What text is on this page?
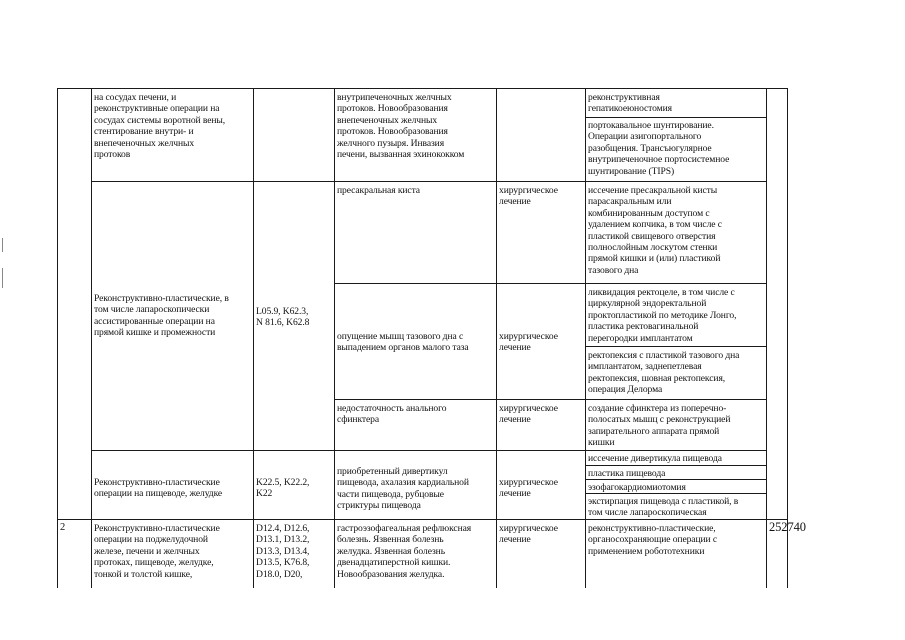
на сосудах печени, и
реконструктивные операции на
сосудах системы воротной вены,
стентирование внутри- и
внепеченочных желчных
протоков
внутрипеченочных желчных
протоков. Новообразования
внепеченочных желчных
протоков. Новообразования
желчного пузыря. Инвазия
печени, вызванная эхинококком
реконструктивная
гепатикоеюностомия
портокавальное шунтирование.
Операции азигопортального
разобщения. Трансъюгулярное
внутрипеченочное портосистемное
шунтирование (TIPS)
Реконструктивно-пластические, в
том числе лапароскопически
ассистированные операции на
прямой кишке и промежности
L05.9, K62.3,
N 81.6, K62.8
пресакральная киста	хирургическое
лечение
иссечение пресакральной кисты
парасакральным или
комбинированным доступом с
удалением копчика, в том числе с
пластикой свищевого отверстия
полнослойным лоскутом стенки
прямой кишки и (или) пластикой
тазового дна
опущение мышц тазового дна с
выпадением органов малого таза
хирургическое
лечение
ликвидация ректоцеле, в том числе с
циркулярной эндоректальной
проктопластикой по методике Лонго,
пластика ректовагинальной
перегородки имплантатом
ректопексия с пластикой тазового дна
имплантатом, заднепетлевая
ректопексия, шовная ректопексия,
операция Делорма
недостаточность анального
сфинктера
хирургическое
лечение
создание сфинктера из поперечно-
полосатых мышц с реконструкцией
запирательного аппарата прямой
кишки
Реконструктивно-пластические
операции на пищеводе, желудке
K22.5, K22.2,
K22
приобретенный дивертикул
пищевода, ахалазия кардиальной
части пищевода, рубцовые
стриктуры пищевода
хирургическое
лечение
иссечение дивертикула пищевода
пластика пищевода
эзофагокардиомиотомия
экстирпация пищевода с пластикой, в
том числе лапароскопическая
2	Реконструктивно-пластические
операции на поджелудочной
железе, печени и желчных
протоках, пищеводе, желудке,
тонкой и толстой кишке,
D12.4, D12.6,
D13.1, D13.2,
D13.3, D13.4,
D13.5, K76.8,
D18.0, D20,
гастроэзофагеальная рефлюксная
болезнь. Язвенная болезнь
желудка. Язвенная болезнь
двенадцатиперстной кишки.
Новообразования желудка.
хирургическое
лечение
реконструктивно-пластические,
органосохраняющие операции с
применением робототехники
252740
